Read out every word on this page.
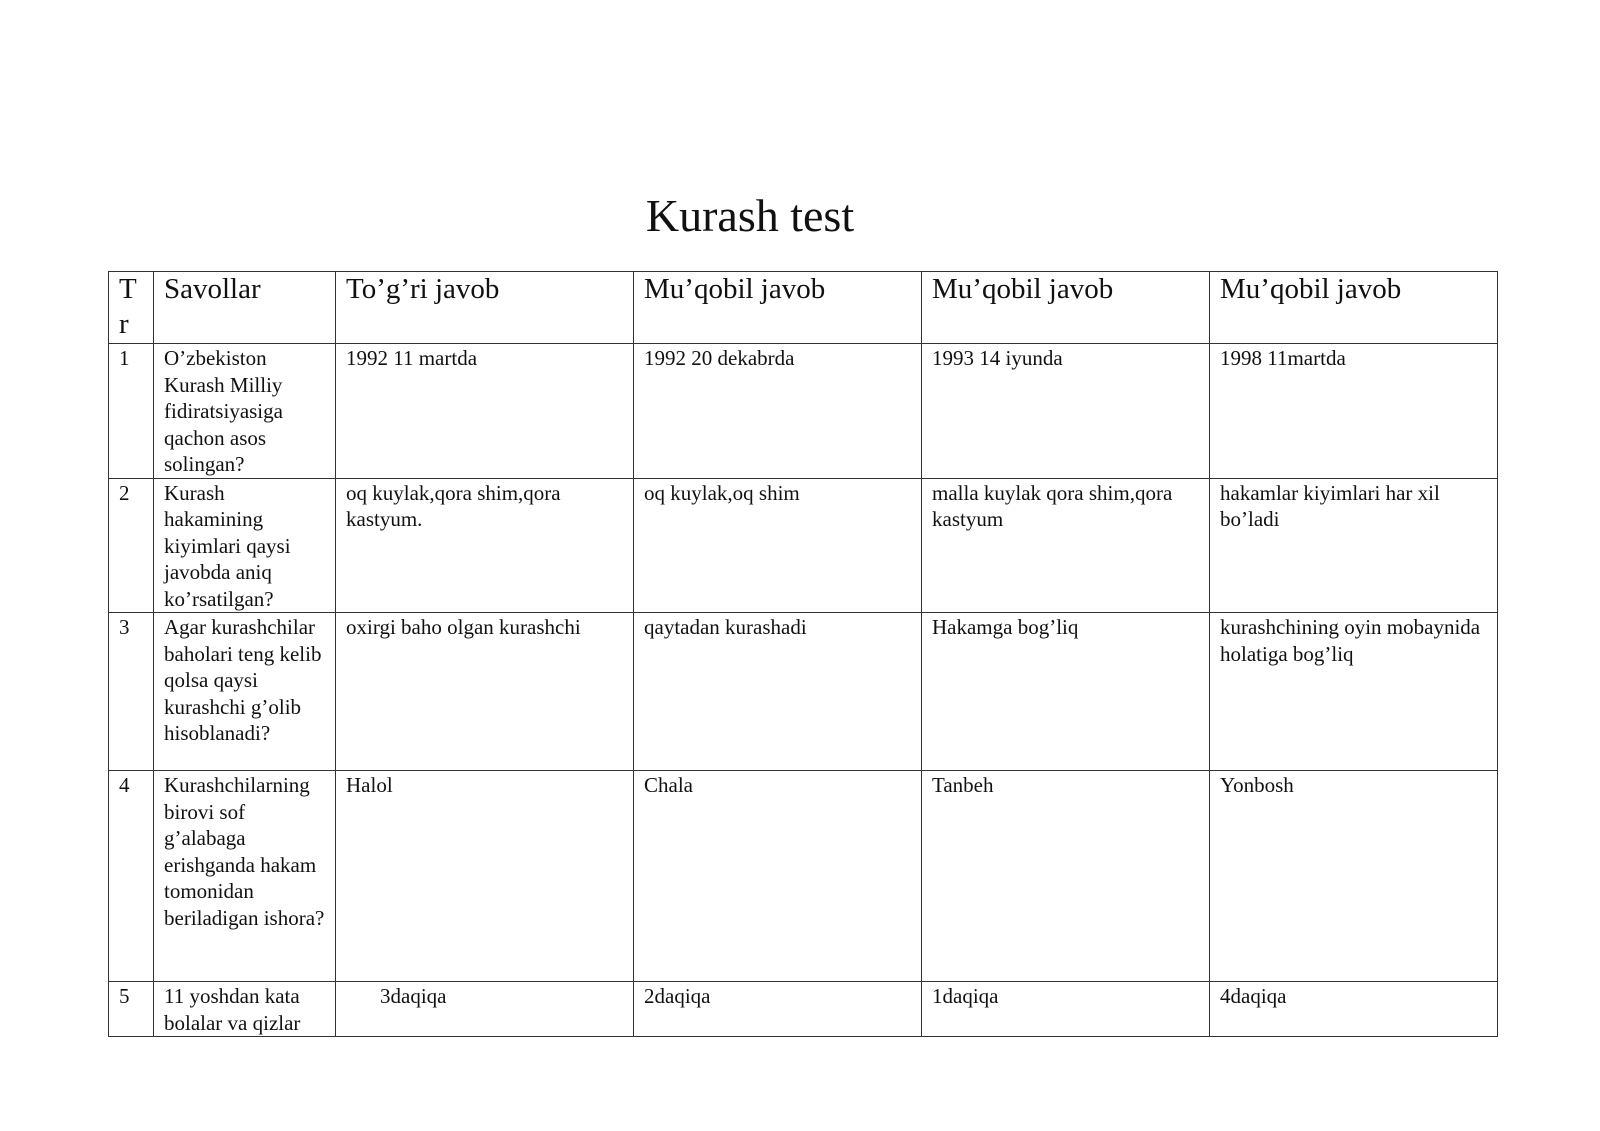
Kurash test
T r	Savollar	To’g’ri javob	Mu’qobil javob	Mu’qobil javob	Mu’qobil javob
1	O’zbekiston Kurash Milliy fidiratsiyasiga qachon asos solingan?	1992 11 martda	1992 20 dekabrda	1993 14 iyunda	1998 11martda
2	Kurash hakamining kiyimlari qaysi javobda aniq ko’rsatilgan?	oq kuylak,qora shim,qora kastyum.	oq kuylak,oq shim	malla kuylak qora shim,qora kastyum	hakamlar kiyimlari har xil bo’ladi
3	Agar kurashchilar baholari teng kelib qolsa qaysi kurashchi g’olib hisoblanadi?	oxirgi baho olgan kurashchi	qaytadan kurashadi	Hakamga bog’liq	kurashchining oyin mobaynida holatiga bog’liq
4	Kurashchilarning birovi sof g’alabaga erishganda hakam tomonidan beriladigan ishora?	Halol	Chala	Tanbeh	Yonbosh
5	11 yoshdan kata bolalar va qizlar	3daqiqa	2daqiqa	1daqiqa	4daqiqa
